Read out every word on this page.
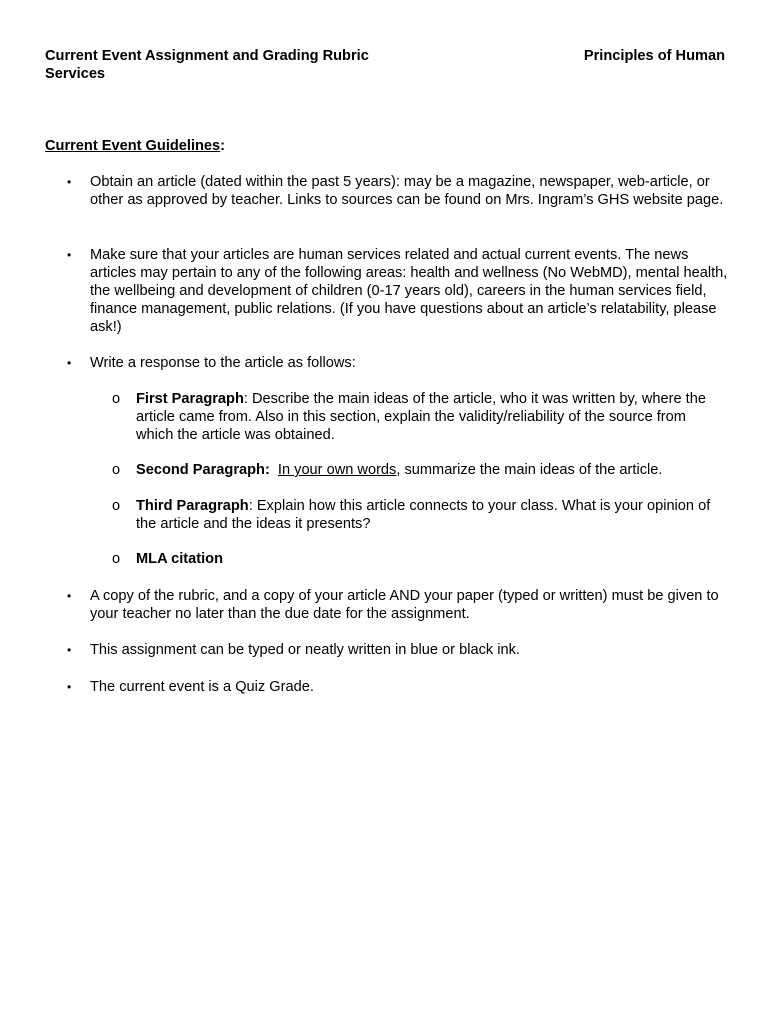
Current Event Assignment and Grading Rubric	Principles of Human
Services
Current Event Guidelines:
• Obtain an article (dated within the past 5 years): may be a magazine, newspaper, web-article, or other as approved by teacher. Links to sources can be found on Mrs. Ingram’s GHS website page.
• Make sure that your articles are human services related and actual current events. The news articles may pertain to any of the following areas: health and wellness (No WebMD), mental health, the wellbeing and development of children (0-17 years old), careers in the human services field, finance management, public relations. (If you have questions about an article’s relatability, please ask!)
• Write a response to the article as follows:
o First Paragraph: Describe the main ideas of the article, who it was written by, where the article came from. Also in this section, explain the validity/reliability of the source from which the article was obtained.
o Second Paragraph: In your own words, summarize the main ideas of the article.
o Third Paragraph: Explain how this article connects to your class. What is your opinion of the article and the ideas it presents?
o MLA citation
• A copy of the rubric, and a copy of your article AND your paper (typed or written) must be given to your teacher no later than the due date for the assignment.
• This assignment can be typed or neatly written in blue or black ink.
• The current event is a Quiz Grade.
